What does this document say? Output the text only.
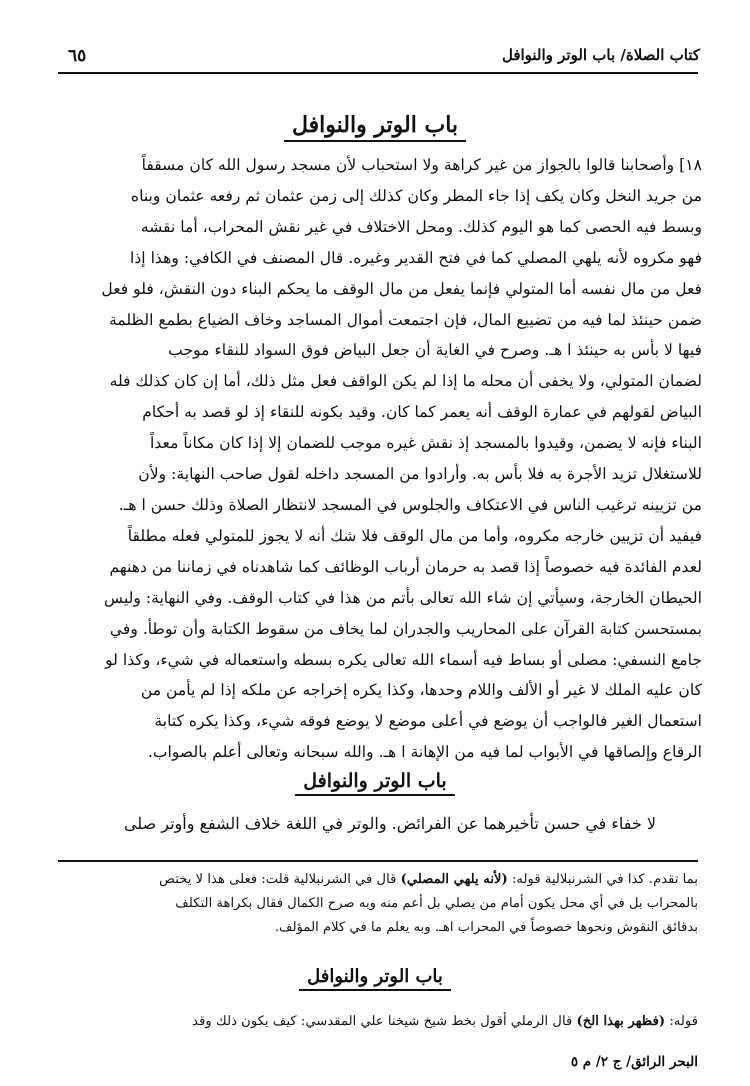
كتاب الصلاة/ باب الوتر والنوافل
٦٥
باب الوتر والنوافل

١٨] وأصحابنا قالوا بالجواز من غير كراهة ولا استحباب لأن مسجد رسول الله كان مسقفاً

من جريد النخل وكان يكف إذا جاء المطر وكان كذلك إلى زمن عثمان ثم رفعه عثمان وبناه

وبسط فيه الحصى كما هو اليوم كذلك. ومحل الاختلاف في غير نقش المحراب، أما نقشه

فهو مكروه لأنه يلهي المصلي كما في فتح القدير وغيره. قال المصنف في الكافي: وهذا إذا

فعل من مال نفسه أما المتولي فإنما يفعل من مال الوقف ما يحكم البناء دون النقش، فلو فعل

ضمن حينئذ لما فيه من تضييع المال، فإن اجتمعت أموال المساجد وخاف الضياع بطمع الظلمة

فيها لا بأس به حينئذ ا هـ. وصرح في الغاية أن جعل البياض فوق السواد للنقاء موجب

لضمان المتولي، ولا يخفى أن محله ما إذا لم يكن الواقف فعل مثل ذلك، أما إن كان كذلك فله

البياض لقولهم في عمارة الوقف أنه يعمر كما كان. وقيد بكونه للنقاء إذ لو قصد به أحكام

البناء فإنه لا يضمن، وقيدوا بالمسجد إذ نقش غيره موجب للضمان إلا إذا كان مكاناً معداً

للاستغلال تزيد الأجرة به فلا بأس به. وأرادوا من المسجد داخله لقول صاحب النهاية: ولأن

من تزيينه ترغيب الناس في الاعتكاف والجلوس في المسجد لانتظار الصلاة وذلك حسن ا هـ.

فيفيد أن تزيين خارجه مكروه، وأما من مال الوقف فلا شك أنه لا يجوز للمتولي فعله مطلقاً

لعدم الفائدة فيه خصوصاً إذا قصد به حرمان أرباب الوظائف كما شاهدناه في زماننا من دهنهم

الحيطان الخارجة، وسيأتي إن شاء الله تعالى بأتم من هذا في كتاب الوقف. وفي النهاية: وليس

بمستحسن كتابة القرآن على المحاريب والجدران لما يخاف من سقوط الكتابة وأن توطأ. وفي

جامع النسفي: مصلى أو بساط فيه أسماء الله تعالى يكره بسطه واستعماله في شيء، وكذا لو

كان عليه الملك لا غير أو الألف واللام وحدها، وكذا يكره إخراجه عن ملكه إذا لم يأمن من

استعمال الغير فالواجب أن يوضع في أعلى موضع لا يوضع فوقه شيء، وكذا يكره كتابة

الرقاع وإلصاقها في الأبواب لما فيه من الإهانة ا هـ. والله سبحانه وتعالى أعلم بالصواب.

باب الوتر والنوافل

لا خفاء في حسن تأخيرهما عن الفرائض. والوتر في اللغة خلاف الشفع وأوتر صلى

بما تقدم. كذا في الشرنبلالية قوله: (لأنه يلهي المصلي) قال في الشرنبلالية قلت: فعلى هذا لا يختص

بالمحراب بل في أي محل يكون أمام من يصلي بل أعم منه وبه صرح الكمال فقال بكراهة التكلف

بدقائق النقوش ونحوها خصوصاً في المحراب اهـ. وبه يعلم ما في كلام المؤلف.

باب الوتر والنوافل

قوله: (فظهر بهذا الخ) قال الرملي أقول بخط شيخ شيخنا علي المقدسي: كيف يكون ذلك وقد

البحر الرائق/ ج ٢/ م ٥
